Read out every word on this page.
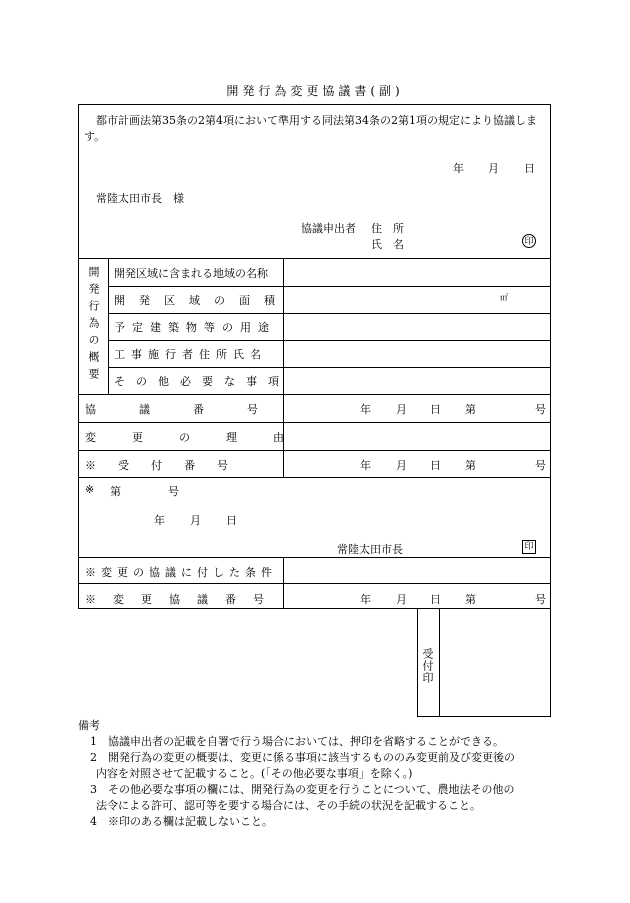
開発行為変更協議書(副)
都市計画法第35条の2第4項において準用する同法第34条の2第1項の規定により協議します。
年 月 日
常陸太田市長　様
協議申出者 住　所
氏　名	印
開発行為の概要 開発区域に含まれる地域の名称
開発区域の面積	㎡
予定建築物等の用途
工事施行者住所氏名
その他必要な事項
協議番号	年 月 日 第	号
変更の理由
※受付番号	年 月 日 第	号
※ 第	号
年 月 日
常陸太田市長	印
※変更の協議に付した条件
※変更協議番号	年 月 日 第	号
受付印
備考
1　協議申出者の記載を自署で行う場合においては、押印を省略することができる。
2　開発行為の変更の概要は、変更に係る事項に該当するもののみ変更前及び変更後の
内容を対照させて記載すること。(「その他必要な事項」を除く。)
3　その他必要な事項の欄には、開発行為の変更を行うことについて、農地法その他の
法令による許可、認可等を要する場合には、その手続の状況を記載すること。
4　※印のある欄は記載しないこと。
